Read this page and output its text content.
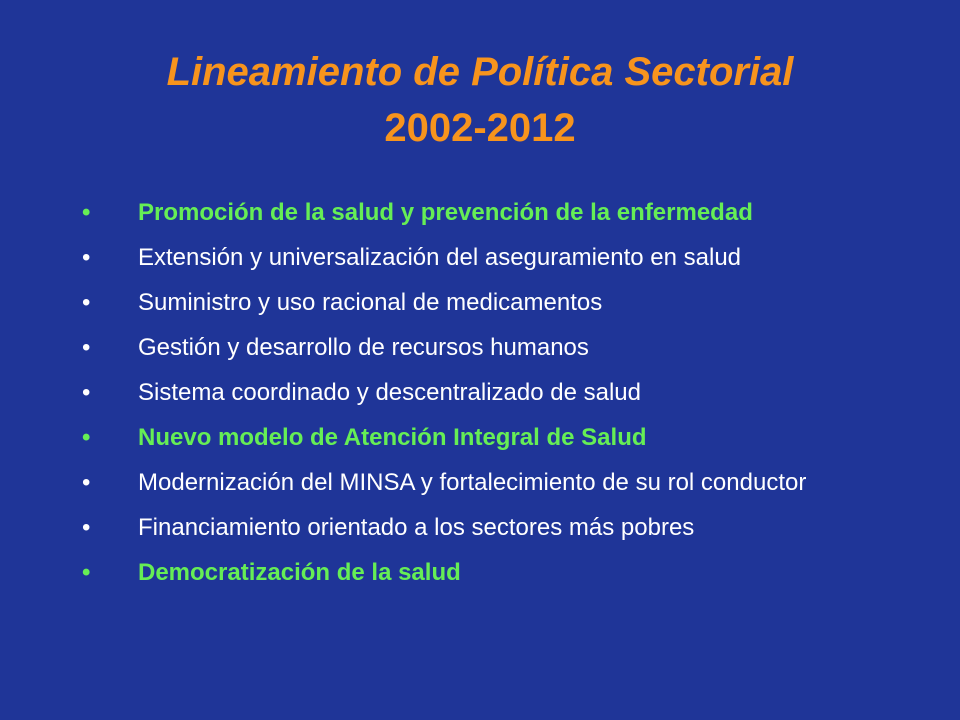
Lineamiento de Política Sectorial
2002-2012
•	Promoción de la salud y prevención de la enfermedad
•	Extensión y universalización del aseguramiento en salud
•	Suministro y uso racional de medicamentos
•	Gestión y desarrollo de recursos humanos
•	Sistema coordinado y descentralizado de salud
•	Nuevo modelo de Atención Integral de Salud
•	Modernización del MINSA y fortalecimiento de su rol conductor
•	Financiamiento orientado a los sectores más pobres
•	Democratización de la salud
